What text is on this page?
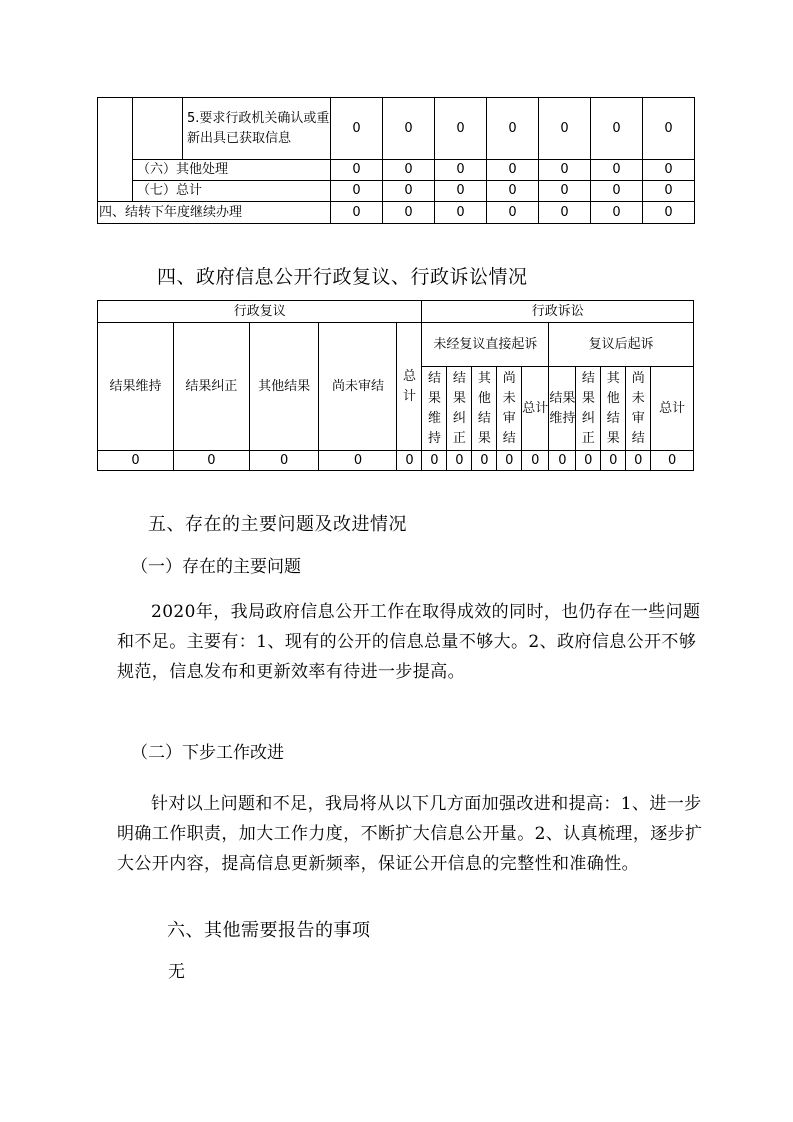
		5.要求行政机关确认或重新出具已获取信息	0	0	0	0	0	0	0
	（六）其他处理		0	0	0	0	0	0	0
	（七）总计		0	0	0	0	0	0	0
四、结转下年度继续办理			0	0	0	0	0	0	0
四、政府信息公开行政复议、行政诉讼情况
行政复议					行政诉讼									
结果维持	结果纠正	其他结果	尚未审结	总计	未经复议直接起诉					复议后起诉				
					结果维持	结果纠正	其他结果	尚未审结	总计	结果维持	结果纠正	其他结果	尚未审结	总计
0	0	0	0	0	0	0	0	0	0	0	0	0	0	0
五、存在的主要问题及改进情况
（一）存在的主要问题
2020年，我局政府信息公开工作在取得成效的同时，也仍存在一些问题和不足。主要有：1、现有的公开的信息总量不够大。2、政府信息公开不够规范，信息发布和更新效率有待进一步提高。
（二）下步工作改进
针对以上问题和不足，我局将从以下几方面加强改进和提高：1、进一步明确工作职责，加大工作力度，不断扩大信息公开量。2、认真梳理，逐步扩大公开内容，提高信息更新频率，保证公开信息的完整性和准确性。
六、其他需要报告的事项
无
